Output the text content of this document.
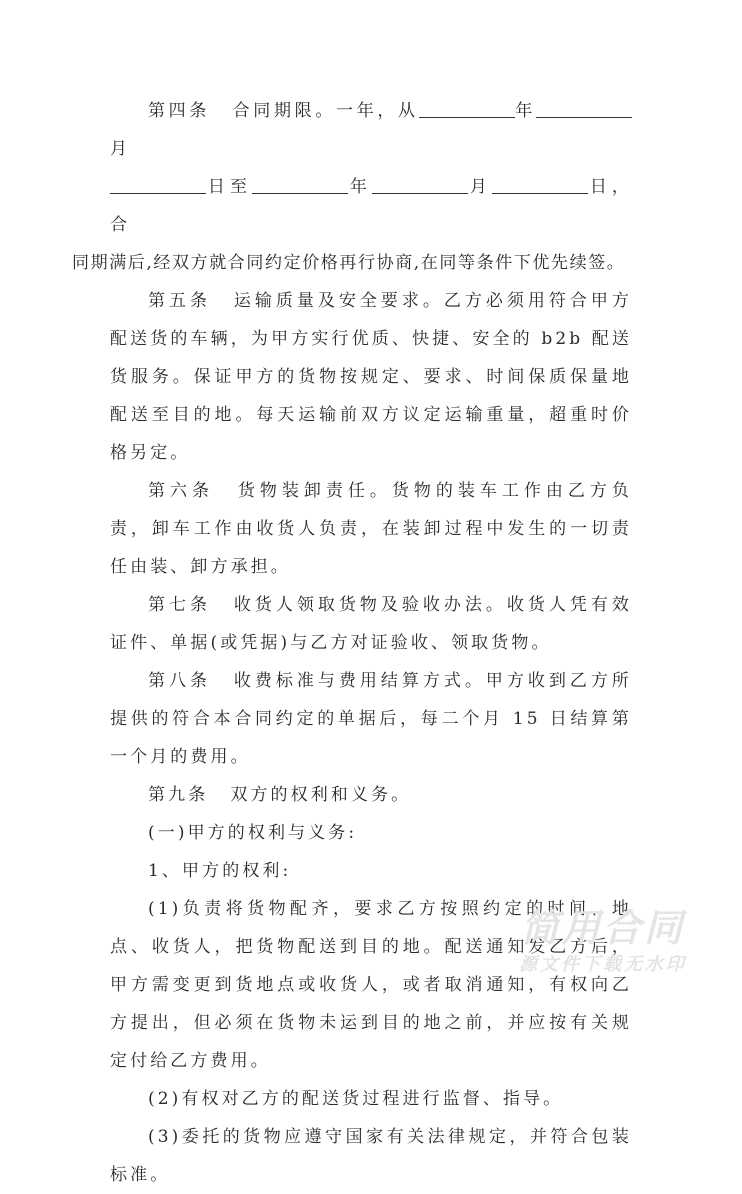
第四条 合同期限。一年，从	年月
日至	年	月	日，合
同期满后,经双方就合同约定价格再行协商,在同等条件下优先续签。

第五条 运输质量及安全要求。乙方必须用符合甲方配送货的车辆，为甲方实行优质、快捷、安全的 b2b 配送货服务。保证甲方的货物按规定、要求、时间保质保量地配送至目的地。每天运输前双方议定运输重量，超重时价格另定。

第六条 货物装卸责任。货物的装车工作由乙方负责，卸车工作由收货人负责，在装卸过程中发生的一切责任由装、卸方承担。

第七条 收货人领取货物及验收办法。收货人凭有效证件、单据(或凭据)与乙方对证验收、领取货物。

第八条 收费标准与费用结算方式。甲方收到乙方所提供的符合本合同约定的单据后，每二个月 15 日结算第一个月的费用。

第九条 双方的权利和义务。

(一)甲方的权利与义务:

1、甲方的权利:

(1)负责将货物配齐，要求乙方按照约定的时间、地点、收货人，把货物配送到目的地。配送通知发乙方后，甲方需变更到货地点或收货人，或者取消通知，有权向乙方提出，但必须在货物未运到目的地之前，并应按有关规定付给乙方费用。

(2)有权对乙方的配送货过程进行监督、指导。

(3)委托的货物应遵守国家有关法律规定，并符合包装标准。

简用合同
源文件下载无水印
